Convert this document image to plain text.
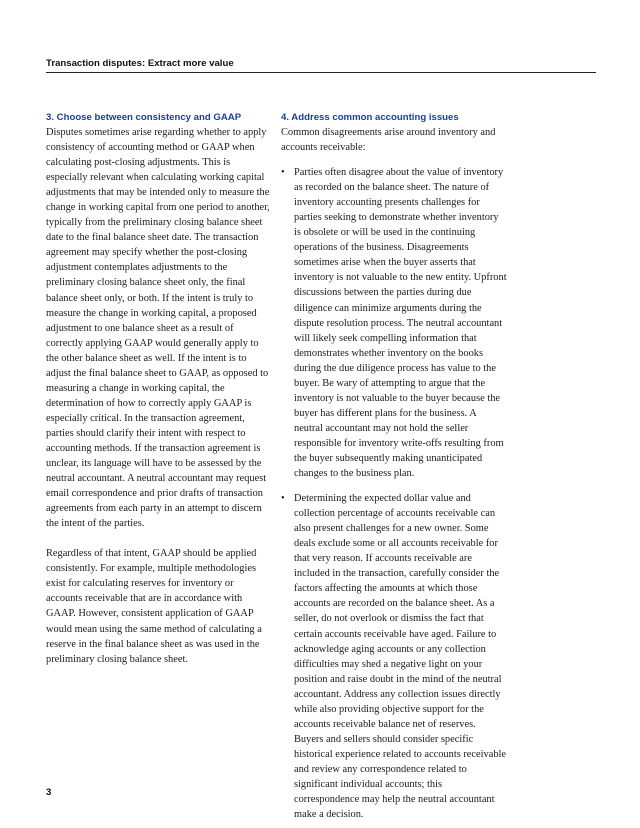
Transaction disputes: Extract more value
3. Choose between consistency and GAAP

Disputes sometimes arise regarding whether to apply consistency of accounting method or GAAP when calculating post-closing adjustments. This is especially relevant when calculating working capital adjustments that may be intended only to measure the change in working capital from one period to another, typically from the preliminary closing balance sheet date to the final balance sheet date. The transaction agreement may specify whether the post-closing adjustment contemplates adjustments to the preliminary closing balance sheet only, the final balance sheet only, or both. If the intent is truly to measure the change in working capital, a proposed adjustment to one balance sheet as a result of correctly applying GAAP would generally apply to the other balance sheet as well. If the intent is to adjust the final balance sheet to GAAP, as opposed to measuring a change in working capital, the determination of how to correctly apply GAAP is especially critical. In the transaction agreement, parties should clarify their intent with respect to accounting methods. If the transaction agreement is unclear, its language will have to be assessed by the neutral accountant. A neutral accountant may request email correspondence and prior drafts of transaction agreements from each party in an attempt to discern the intent of the parties.

Regardless of that intent, GAAP should be applied consistently. For example, multiple methodologies exist for calculating reserves for inventory or accounts receivable that are in accordance with GAAP. However, consistent application of GAAP would mean using the same method of calculating a reserve in the final balance sheet as was used in the preliminary closing balance sheet.

4. Address common accounting issues

Common disagreements arise around inventory and accounts receivable:

• Parties often disagree about the value of inventory as recorded on the balance sheet. The nature of inventory accounting presents challenges for parties seeking to demonstrate whether inventory is obsolete or will be used in the continuing operations of the business. Disagreements sometimes arise when the buyer asserts that inventory is not valuable to the new entity. Upfront discussions between the parties during due diligence can minimize arguments during the dispute resolution process. The neutral accountant will likely seek compelling information that demonstrates whether inventory on the books during the due diligence process has value to the buyer. Be wary of attempting to argue that the inventory is not valuable to the buyer because the buyer has different plans for the business. A neutral accountant may not hold the seller responsible for inventory write-offs resulting from the buyer subsequently making unanticipated changes to the business plan.
• Determining the expected dollar value and collection percentage of accounts receivable can also present challenges for a new owner. Some deals exclude some or all accounts receivable for that very reason. If accounts receivable are included in the transaction, carefully consider the factors affecting the amounts at which those accounts are recorded on the balance sheet. As a seller, do not overlook or dismiss the fact that certain accounts receivable have aged. Failure to acknowledge aging accounts or any collection difficulties may shed a negative light on your position and raise doubt in the mind of the neutral accountant. Address any collection issues directly while also providing objective support for the accounts receivable balance net of reserves. Buyers and sellers should consider specific historical experience related to accounts receivable and review any correspondence related to significant individual accounts; this correspondence may help the neutral accountant make a decision.
3
